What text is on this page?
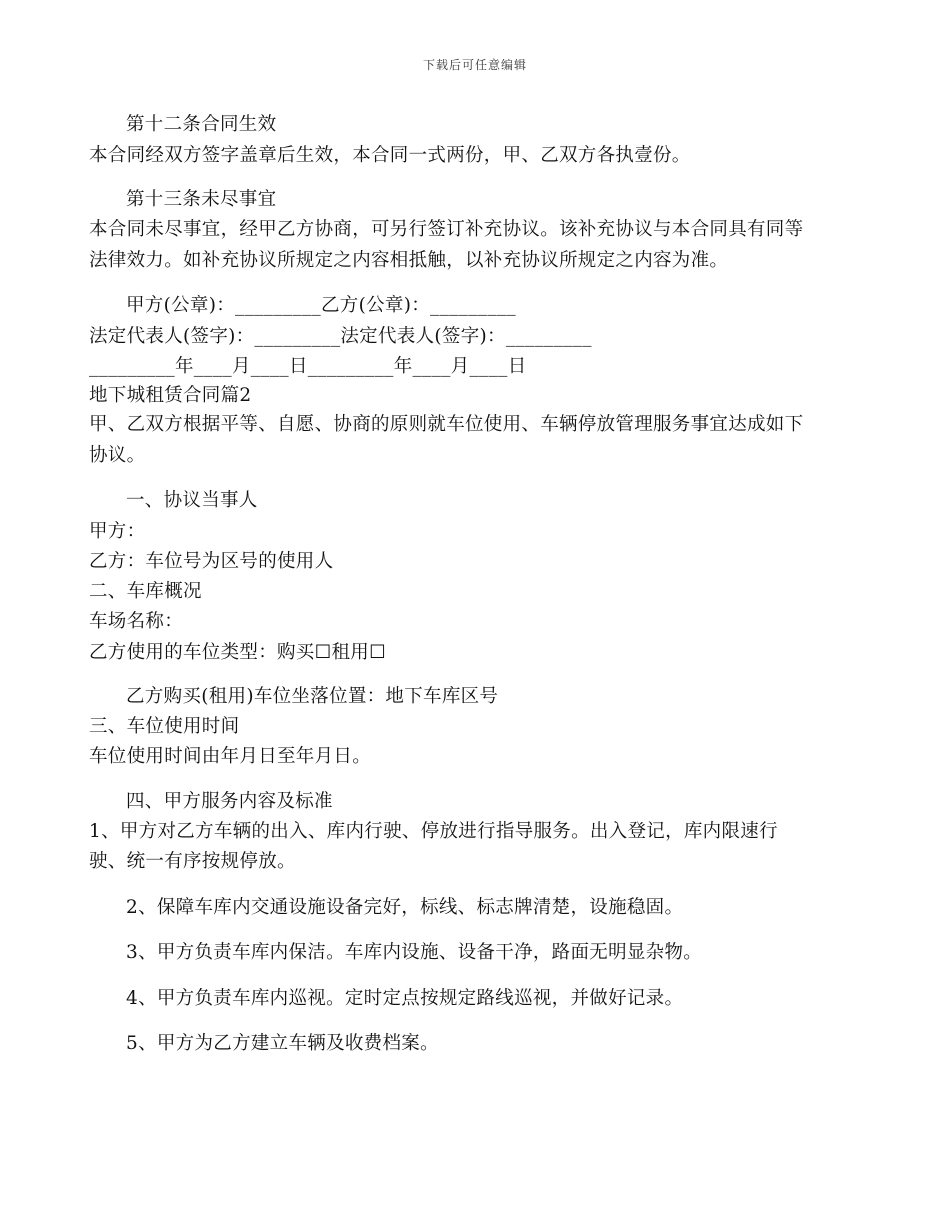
下载后可任意编辑
第十二条合同生效
本合同经双方签字盖章后生效，本合同一式两份，甲、乙双方各执壹份。
第十三条未尽事宜
本合同未尽事宜，经甲乙方协商，可另行签订补充协议。该补充协议与本合同具有同等
法律效力。如补充协议所规定之内容相抵触，以补充协议所规定之内容为准。
甲方(公章)：_________乙方(公章)：_________
法定代表人(签字)：_________法定代表人(签字)：_________
_________年____月____日_________年____月____日
地下城租赁合同篇2
甲、乙双方根据平等、自愿、协商的原则就车位使用、车辆停放管理服务事宜达成如下
协议。
一、协议当事人
甲方：
乙方：车位号为区号的使用人
二、车库概况
车场名称：
乙方使用的车位类型：购买☐租用☐
乙方购买(租用)车位坐落位置：地下车库区号
三、车位使用时间
车位使用时间由年月日至年月日。
四、甲方服务内容及标准
1、甲方对乙方车辆的出入、库内行驶、停放进行指导服务。出入登记，库内限速行
驶、统一有序按规停放。
2、保障车库内交通设施设备完好，标线、标志牌清楚，设施稳固。
3、甲方负责车库内保洁。车库内设施、设备干净，路面无明显杂物。
4、甲方负责车库内巡视。定时定点按规定路线巡视，并做好记录。
5、甲方为乙方建立车辆及收费档案。
